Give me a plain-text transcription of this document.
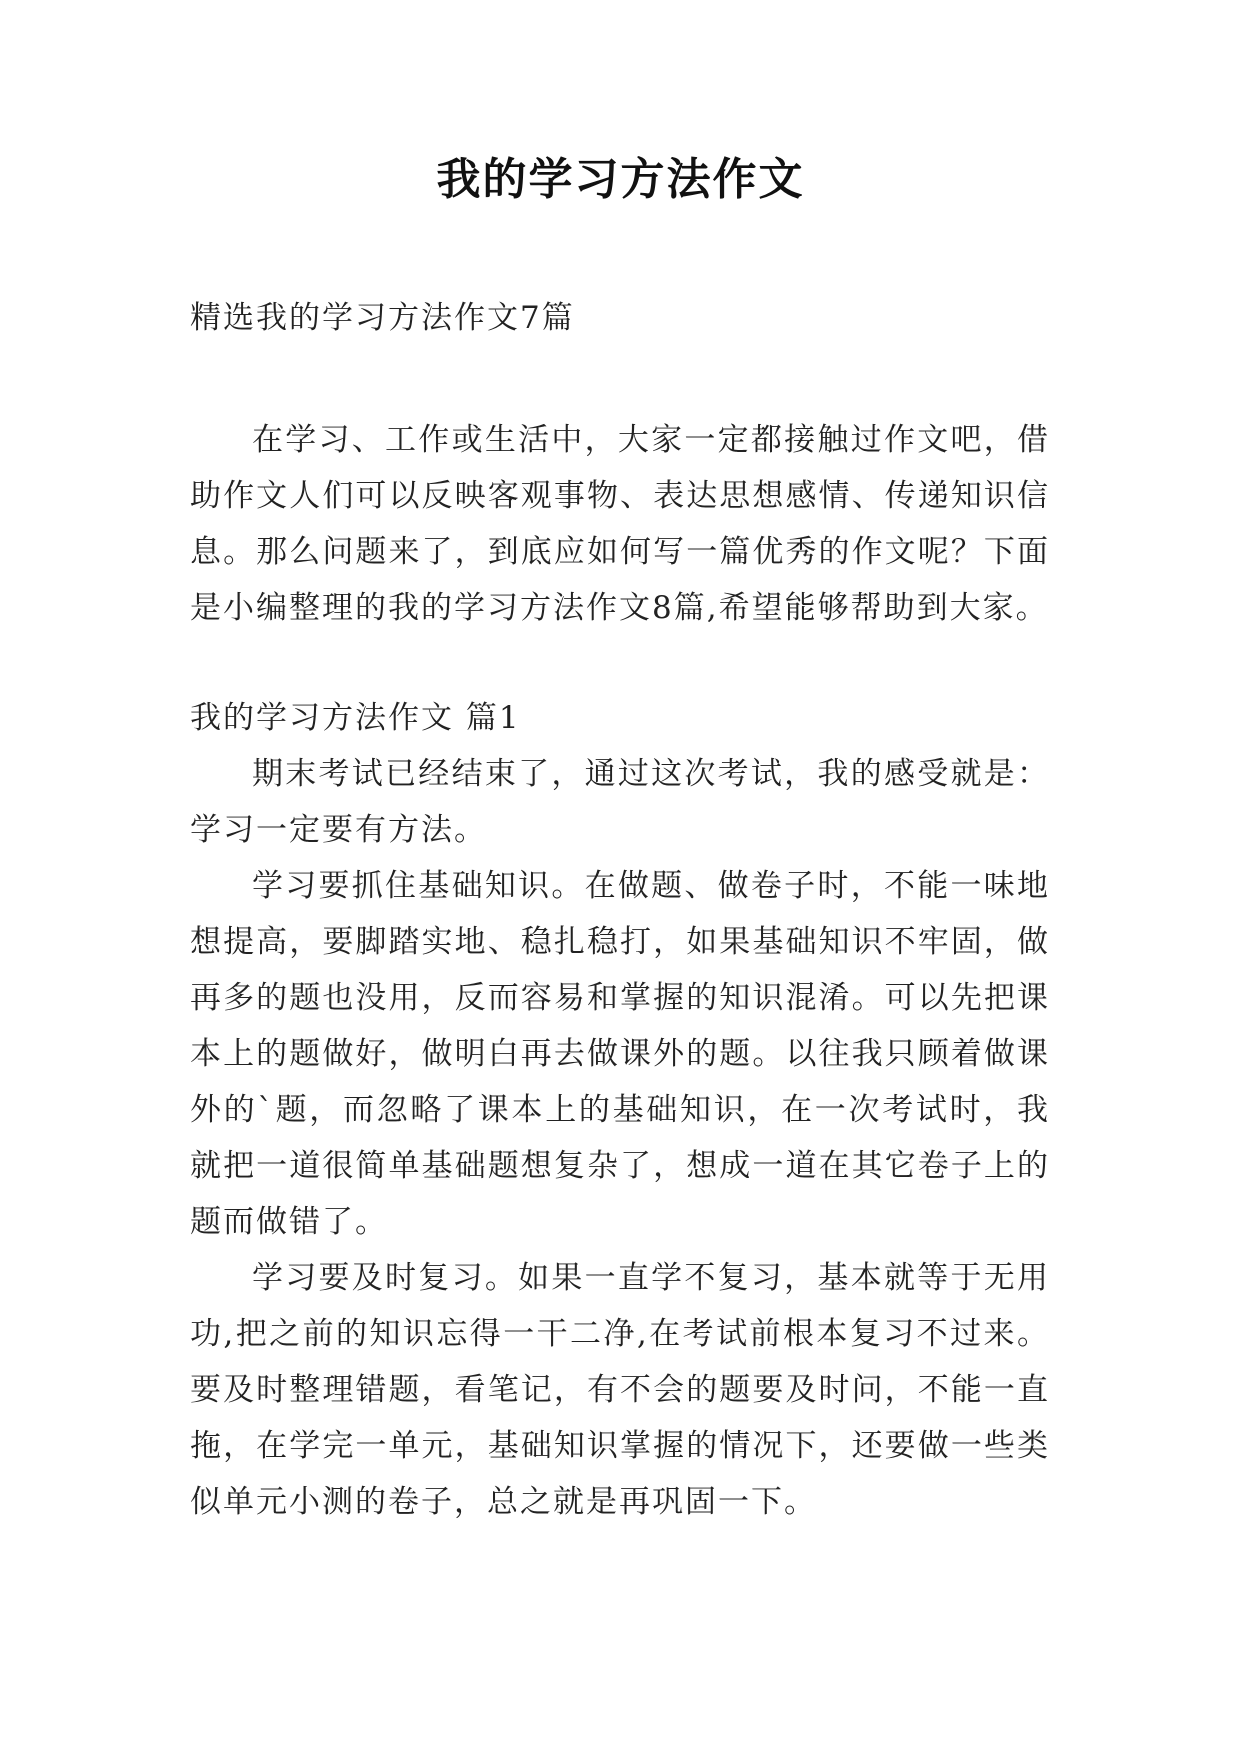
我的学习方法作文

精选我的学习方法作文7篇

在学习、工作或生活中，大家一定都接触过作文吧，借助作文人们可以反映客观事物、表达思想感情、传递知识信息。那么问题来了，到底应如何写一篇优秀的作文呢？下面是小编整理的我的学习方法作文8篇,希望能够帮助到大家。

我的学习方法作文 篇1

期末考试已经结束了，通过这次考试，我的感受就是：学习一定要有方法。

学习要抓住基础知识。在做题、做卷子时，不能一味地想提高，要脚踏实地、稳扎稳打，如果基础知识不牢固，做再多的题也没用，反而容易和掌握的知识混淆。可以先把课本上的题做好，做明白再去做课外的题。以往我只顾着做课外的`题，而忽略了课本上的基础知识，在一次考试时，我就把一道很简单基础题想复杂了，想成一道在其它卷子上的题而做错了。

学习要及时复习。如果一直学不复习，基本就等于无用功,把之前的知识忘得一干二净,在考试前根本复习不过来。要及时整理错题，看笔记，有不会的题要及时问，不能一直拖，在学完一单元，基础知识掌握的情况下，还要做一些类似单元小测的卷子，总之就是再巩固一下。
